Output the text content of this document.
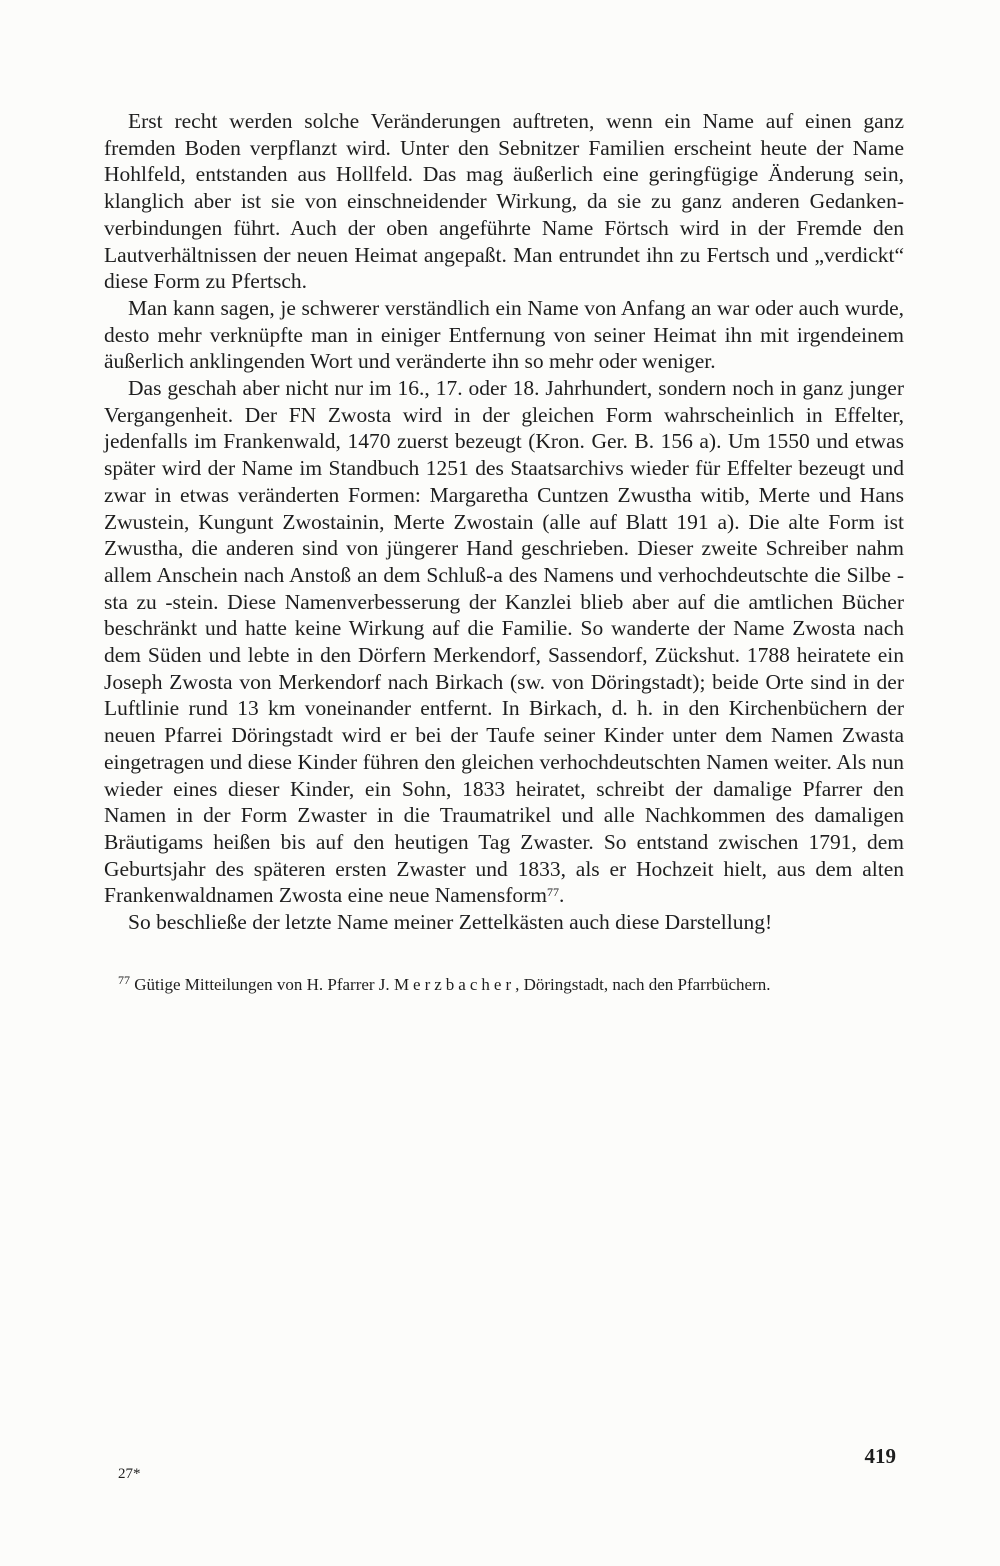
Erst recht werden solche Veränderungen auftreten, wenn ein Name auf einen ganz fremden Boden verpflanzt wird. Unter den Sebnitzer Familien erscheint heute der Name Hohlfeld, entstanden aus Hollfeld. Das mag äußerlich eine geringfügige Änderung sein, klanglich aber ist sie von einschneidender Wirkung, da sie zu ganz anderen Gedankenverbindungen führt. Auch der oben angeführte Name Förtsch wird in der Fremde den Lautverhältnissen der neuen Heimat angepaßt. Man entrundet ihn zu Fertsch und „verdickt“ diese Form zu Pfertsch.

Man kann sagen, je schwerer verständlich ein Name von Anfang an war oder auch wurde, desto mehr verknüpfte man in einiger Entfernung von seiner Heimat ihn mit irgendeinem äußerlich anklingenden Wort und veränderte ihn so mehr oder weniger.

Das geschah aber nicht nur im 16., 17. oder 18. Jahrhundert, sondern noch in ganz junger Vergangenheit. Der FN Zwosta wird in der gleichen Form wahrscheinlich in Effelter, jedenfalls im Frankenwald, 1470 zuerst bezeugt (Kron. Ger. B. 156 a). Um 1550 und etwas später wird der Name im Standbuch 1251 des Staatsarchivs wieder für Effelter bezeugt und zwar in etwas veränderten Formen: Margaretha Cuntzen Zwustha witib, Merte und Hans Zwustein, Kungunt Zwostainin, Merte Zwostain (alle auf Blatt 191 a). Die alte Form ist Zwustha, die anderen sind von jüngerer Hand geschrieben. Dieser zweite Schreiber nahm allem Anschein nach Anstoß an dem Schluß-a des Namens und verhochdeutschte die Silbe -sta zu -stein. Diese Namenverbesserung der Kanzlei blieb aber auf die amtlichen Bücher beschränkt und hatte keine Wirkung auf die Familie. So wanderte der Name Zwosta nach dem Süden und lebte in den Dörfern Merkendorf, Sassendorf, Zückshut. 1788 heiratete ein Joseph Zwosta von Merkendorf nach Birkach (sw. von Döringstadt); beide Orte sind in der Luftlinie rund 13 km voneinander entfernt. In Birkach, d. h. in den Kirchenbüchern der neuen Pfarrei Döringstadt wird er bei der Taufe seiner Kinder unter dem Namen Zwasta eingetragen und diese Kinder führen den gleichen verhochdeutschten Namen weiter. Als nun wieder eines dieser Kinder, ein Sohn, 1833 heiratet, schreibt der damalige Pfarrer den Namen in der Form Zwaster in die Traumatrikel und alle Nachkommen des damaligen Bräutigams heißen bis auf den heutigen Tag Zwaster. So entstand zwischen 1791, dem Geburtsjahr des späteren ersten Zwaster und 1833, als er Hochzeit hielt, aus dem alten Frankenwaldnamen Zwosta eine neue Namensform$^{77}$.

So beschließe der letzte Name meiner Zettelkästen auch diese Darstellung!

$^{77}$ Gütige Mitteilungen von H. Pfarrer J. Merzbacher, Döringstadt, nach den Pfarrbüchern.

419
27*
